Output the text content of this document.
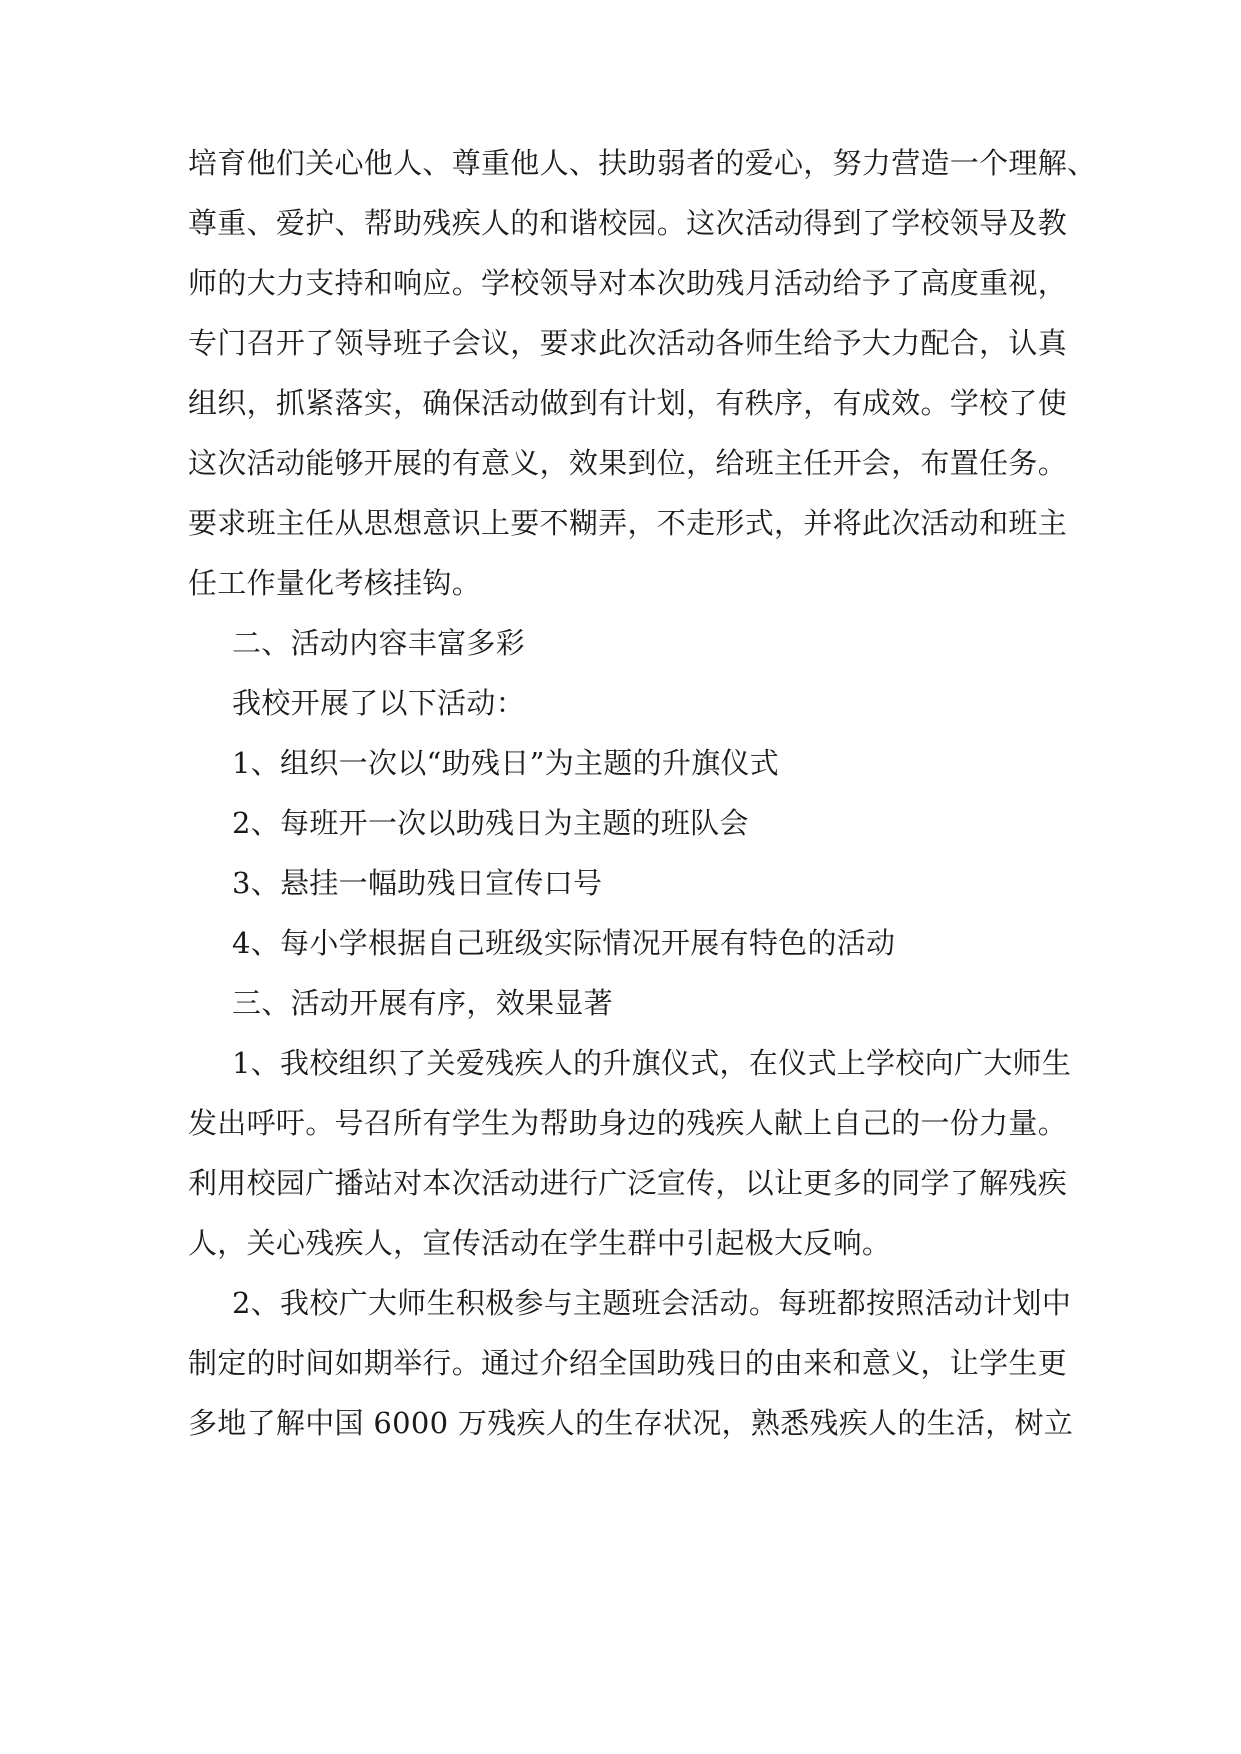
培育他们关心他人、尊重他人、扶助弱者的爱心，努力营造一个理解、
尊重、爱护、帮助残疾人的和谐校园。这次活动得到了学校领导及教
师的大力支持和响应。学校领导对本次助残月活动给予了高度重视，
专门召开了领导班子会议，要求此次活动各师生给予大力配合，认真
组织，抓紧落实，确保活动做到有计划，有秩序，有成效。学校了使
这次活动能够开展的有意义，效果到位，给班主任开会，布置任务。
要求班主任从思想意识上要不糊弄，不走形式，并将此次活动和班主
任工作量化考核挂钩。
二、活动内容丰富多彩
我校开展了以下活动：
1、组织一次以“助残日”为主题的升旗仪式
2、每班开一次以助残日为主题的班队会
3、悬挂一幅助残日宣传口号
4、每小学根据自己班级实际情况开展有特色的活动
三、活动开展有序，效果显著
1、我校组织了关爱残疾人的升旗仪式，在仪式上学校向广大师生
发出呼吁。号召所有学生为帮助身边的残疾人献上自己的一份力量。
利用校园广播站对本次活动进行广泛宣传，以让更多的同学了解残疾
人，关心残疾人，宣传活动在学生群中引起极大反响。
2、我校广大师生积极参与主题班会活动。每班都按照活动计划中
制定的时间如期举行。通过介绍全国助残日的由来和意义，让学生更
多地了解中国 6000 万残疾人的生存状况，熟悉残疾人的生活，树立
